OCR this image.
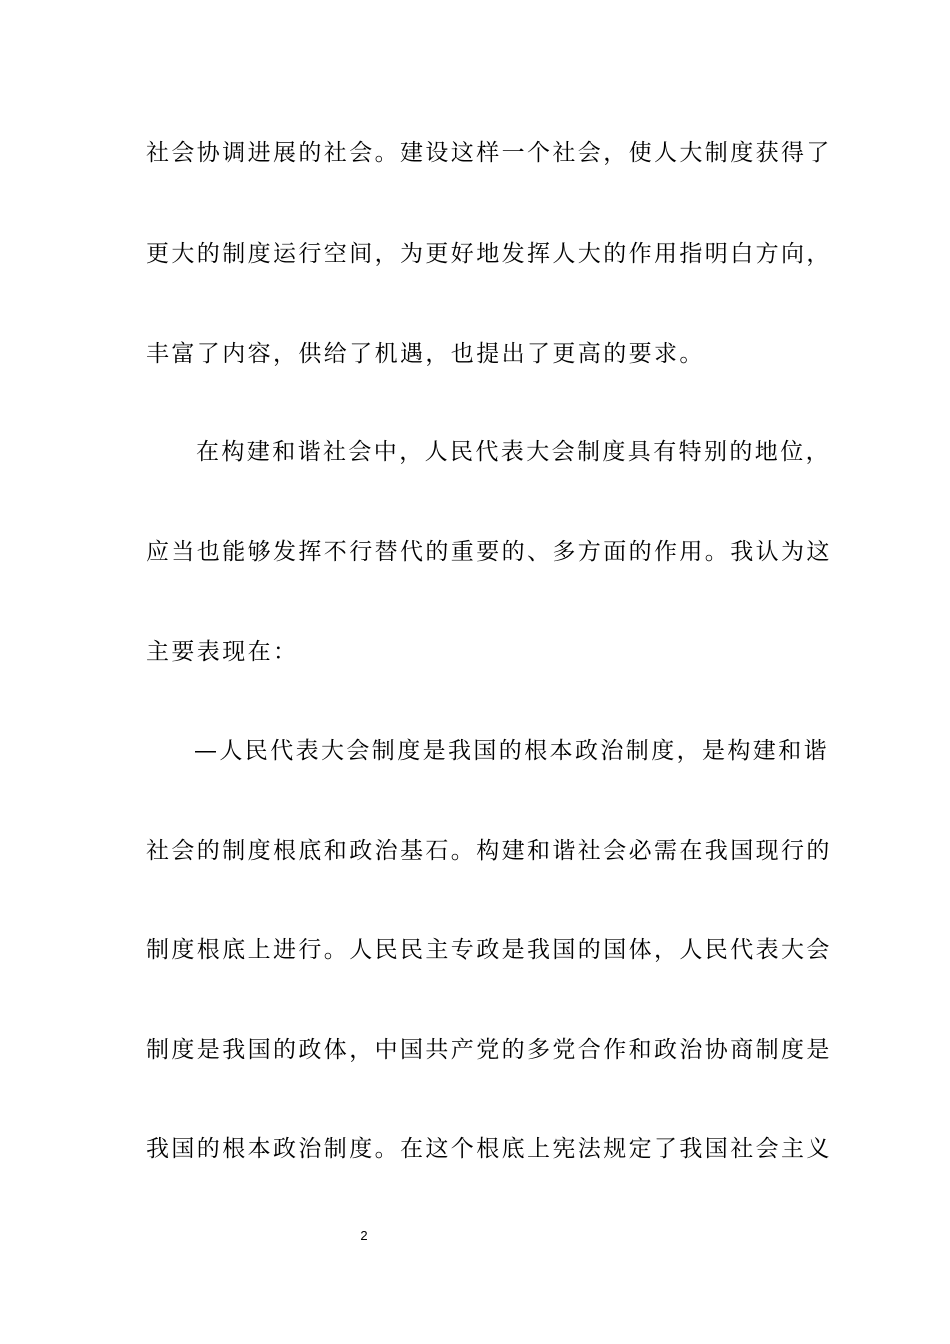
社会协调进展的社会。建设这样一个社会，使人大制度获得了
更大的制度运行空间，为更好地发挥人大的作用指明白方向，
丰富了内容，供给了机遇，也提出了更高的要求。
在构建和谐社会中，人民代表大会制度具有特别的地位，
应当也能够发挥不行替代的重要的、多方面的作用。我认为这
主要表现在：
—人民代表大会制度是我国的根本政治制度，是构建和谐
社会的制度根底和政治基石。构建和谐社会必需在我国现行的
制度根底上进行。人民民主专政是我国的国体，人民代表大会
制度是我国的政体，中国共产党的多党合作和政治协商制度是
我国的根本政治制度。在这个根底上宪法规定了我国社会主义
2
